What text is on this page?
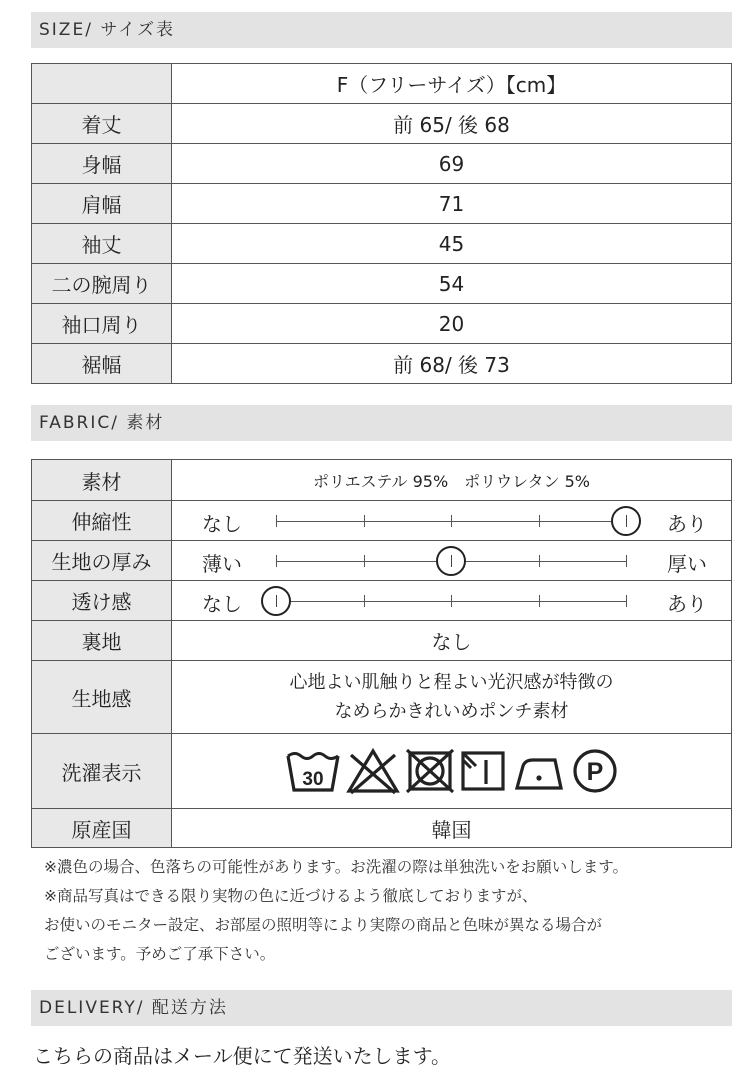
SIZE/ サイズ表
	F（フリーサイズ）【cm】
着丈	前 65/ 後 68
身幅	69
肩幅	71
袖丈	45
二の腕周り	54
袖口周り	20
裾幅	前 68/ 後 73
FABRIC/ 素材
素材	ポリエステル 95%　ポリウレタン 5%
伸縮性	なし あり

生地の厚み	薄い 厚い

透け感	なし あり

裏地	なし
生地感	心地よい肌触りと程よい光沢感が特徴の
なめらかきれいめポンチ素材

洗濯表示	30 P

原産国	韓国
※濃色の場合、色落ちの可能性があります。お洗濯の際は単独洗いをお願いします。
※商品写真はできる限り実物の色に近づけるよう徹底しておりますが、
お使いのモニター設定、お部屋の照明等により実際の商品と色味が異なる場合が
ございます。予めご了承下さい。
DELIVERY/ 配送方法
こちらの商品はメール便にて発送いたします。
